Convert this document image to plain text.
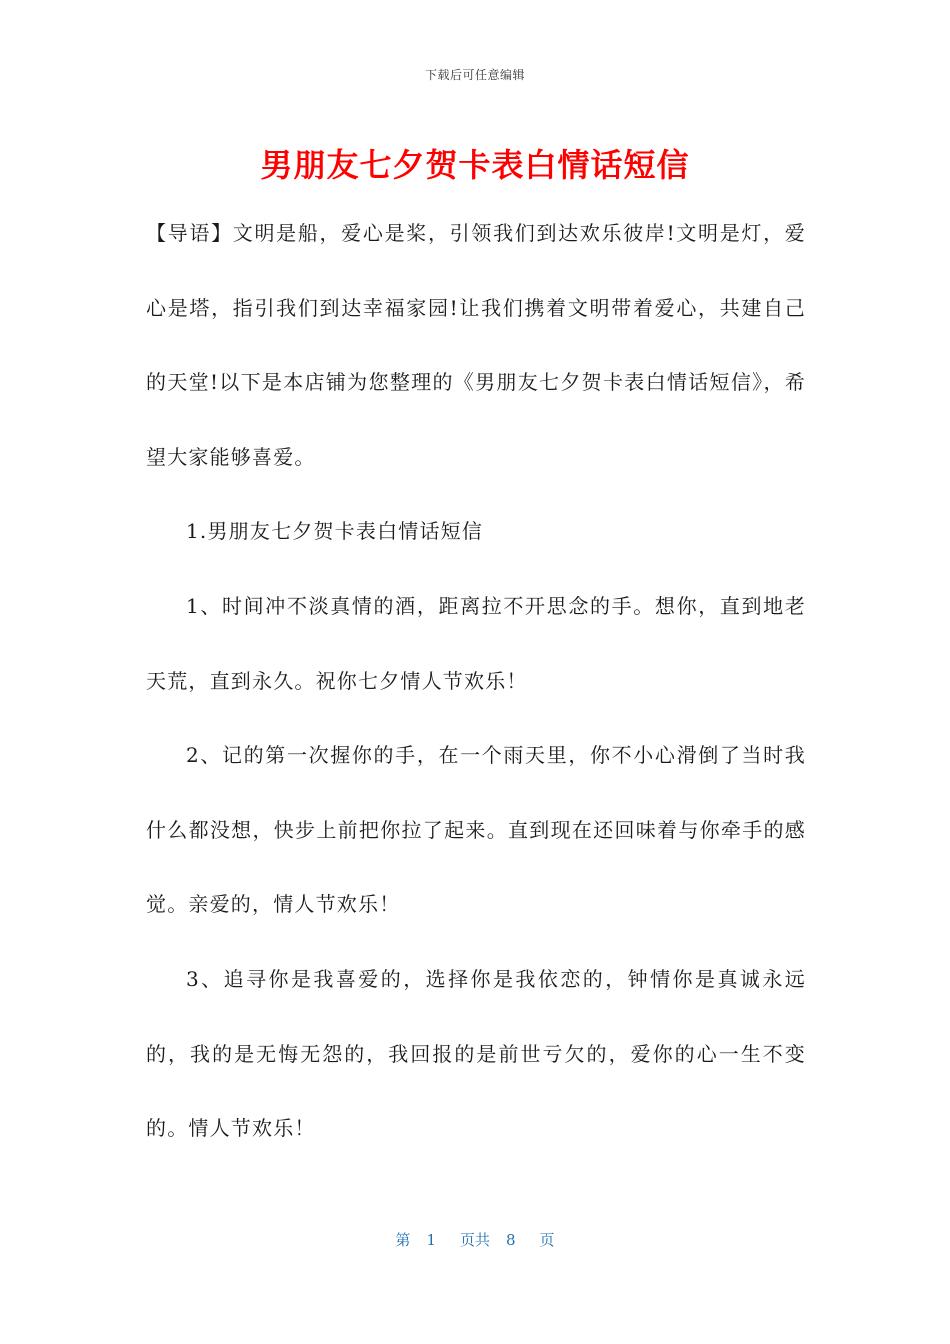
下载后可任意编辑
男朋友七夕贺卡表白情话短信

【导语】文明是船，爱心是桨，引领我们到达欢乐彼岸!文明是灯，爱心是塔，指引我们到达幸福家园!让我们携着文明带着爱心，共建自己的天堂!以下是本店铺为您整理的《男朋友七夕贺卡表白情话短信》，希望大家能够喜爱。

1.男朋友七夕贺卡表白情话短信

1、时间冲不淡真情的酒，距离拉不开思念的手。想你，直到地老天荒，直到永久。祝你七夕情人节欢乐！

2、记的第一次握你的手，在一个雨天里，你不小心滑倒了当时我什么都没想，快步上前把你拉了起来。直到现在还回味着与你牵手的感觉。亲爱的，情人节欢乐！

3、追寻你是我喜爱的，选择你是我依恋的，钟情你是真诚永远的，我的是无悔无怨的，我回报的是前世亏欠的，爱你的心一生不变的。情人节欢乐！

第 1 页共 8 页
